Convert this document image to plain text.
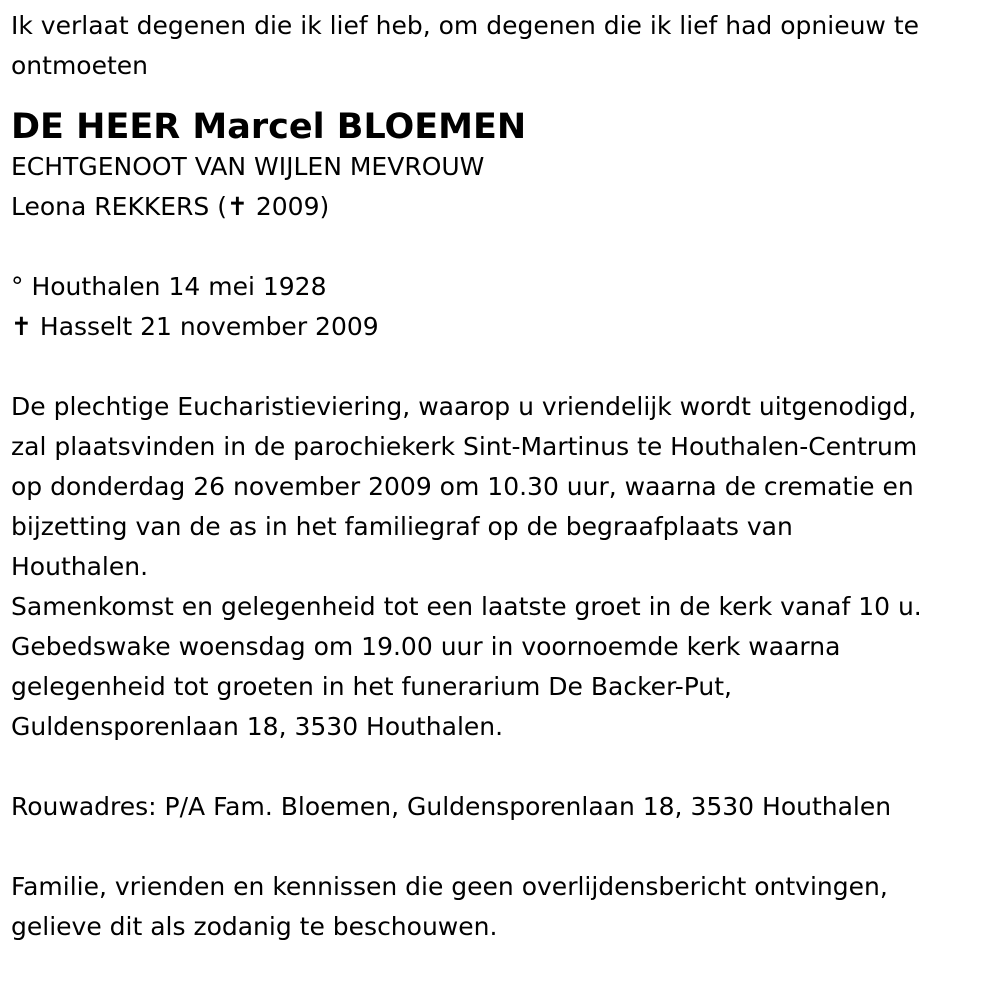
Ik verlaat degenen die ik lief heb, om degenen die ik lief had opnieuw te
ontmoeten
DE HEER Marcel BLOEMEN
ECHTGENOOT VAN WIJLEN MEVROUW
Leona REKKERS (✝ 2009)
° Houthalen 14 mei 1928
✝ Hasselt 21 november 2009
De plechtige Eucharistieviering, waarop u vriendelijk wordt uitgenodigd,
zal plaatsvinden in de parochiekerk Sint-Martinus te Houthalen-Centrum
op donderdag 26 november 2009 om 10.30 uur, waarna de crematie en
bijzetting van de as in het familiegraf op de begraafplaats van
Houthalen.
Samenkomst en gelegenheid tot een laatste groet in de kerk vanaf 10 u.
Gebedswake woensdag om 19.00 uur in voornoemde kerk waarna
gelegenheid tot groeten in het funerarium De Backer-Put,
Guldensporenlaan 18, 3530 Houthalen.
Rouwadres: P/A Fam. Bloemen, Guldensporenlaan 18, 3530 Houthalen
Familie, vrienden en kennissen die geen overlijdensbericht ontvingen,
gelieve dit als zodanig te beschouwen.
